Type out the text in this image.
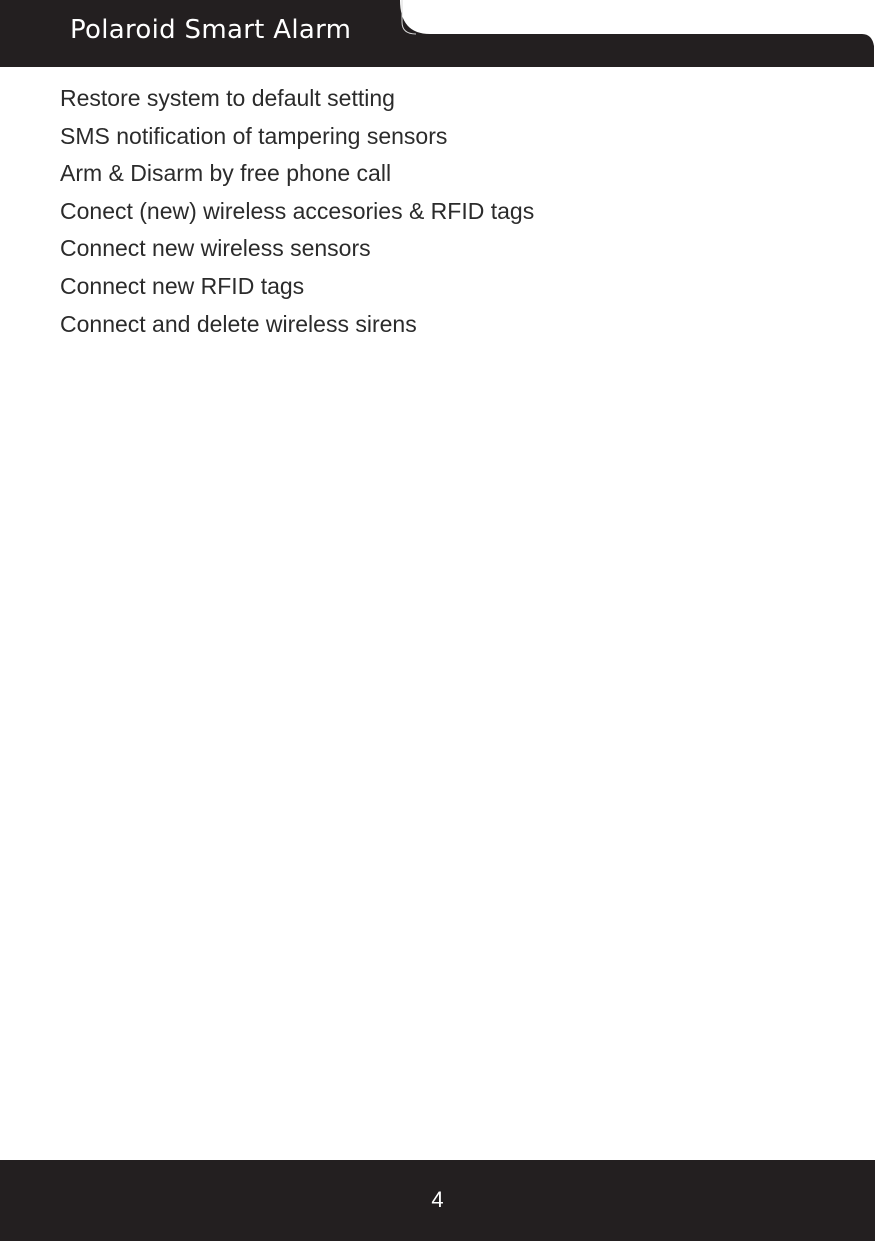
Polaroid Smart Alarm
Restore system to default setting
SMS notification of tampering sensors
Arm & Disarm by free phone call
Conect (new) wireless accesories & RFID tags
Connect new wireless sensors
Connect new RFID tags
Connect and delete wireless sirens
4
